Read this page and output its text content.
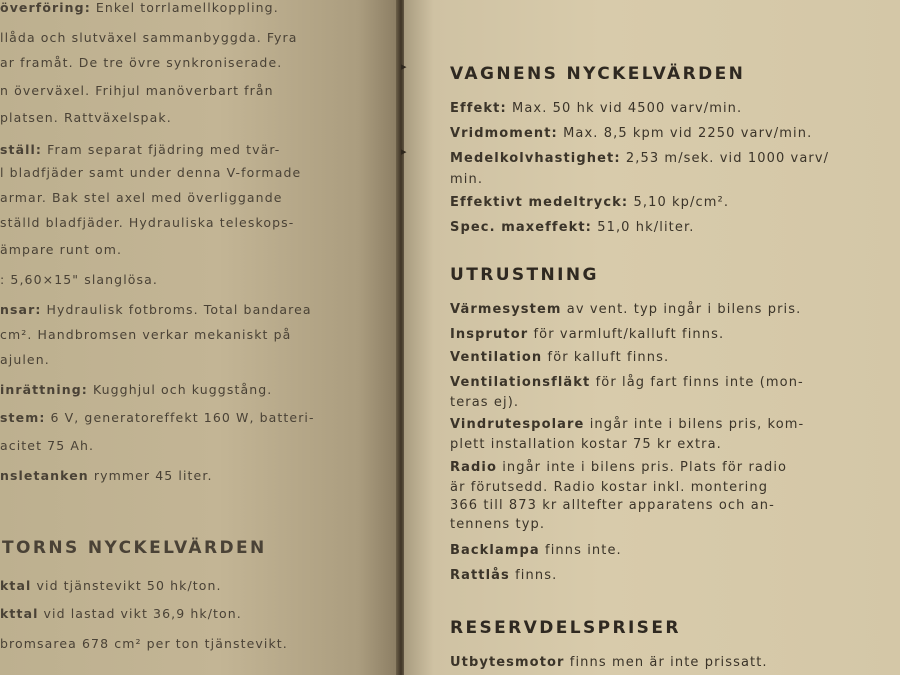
överföring: Enkel torrlamellkoppling.
llåda och slutväxel sammanbyggda. Fyra
ar framåt. De tre övre synkroniserade.
n överväxel. Frihjul manöverbart från
platsen. Rattväxelspak.
ställ: Fram separat fjädring med tvär-
l bladfjäder samt under denna V-formade
armar. Bak stel axel med överliggande
ställd bladfjäder. Hydrauliska teleskops-
ämpare runt om.
: 5,60×15" slanglösa.
nsar: Hydraulisk fotbroms. Total bandarea
cm². Handbromsen verkar mekaniskt på
ajulen.
inrättning: Kugghjul och kuggstång.
stem: 6 V, generatoreffekt 160 W, batteri-
acitet 75 Ah.
nsletanken rymmer 45 liter.
TORNS NYCKELVÄRDEN
ktal vid tjänstevikt 50 hk/ton.
kttal vid lastad vikt 36,9 hk/ton.
bromsarea 678 cm² per ton tjänstevikt.
▸
▸
VAGNENS NYCKELVÄRDEN
Effekt: Max. 50 hk vid 4500 varv/min.
Vridmoment: Max. 8,5 kpm vid 2250 varv/min.
Medelkolvhastighet: 2,53 m/sek. vid 1000 varv/
min.
Effektivt medeltryck: 5,10 kp/cm².
Spec. maxeffekt: 51,0 hk/liter.
UTRUSTNING
Värmesystem av vent. typ ingår i bilens pris.
Insprutor för varmluft/kalluft finns.
Ventilation för kalluft finns.
Ventilationsfläkt för låg fart finns inte (mon-
teras ej).
Vindrutespolare ingår inte i bilens pris, kom-
plett installation kostar 75 kr extra.
Radio ingår inte i bilens pris. Plats för radio
är förutsedd. Radio kostar inkl. montering
366 till 873 kr alltefter apparatens och an-
tennens typ.
Backlampa finns inte.
Rattlås finns.
RESERVDELSPRISER
Utbytesmotor finns men är inte prissatt.
